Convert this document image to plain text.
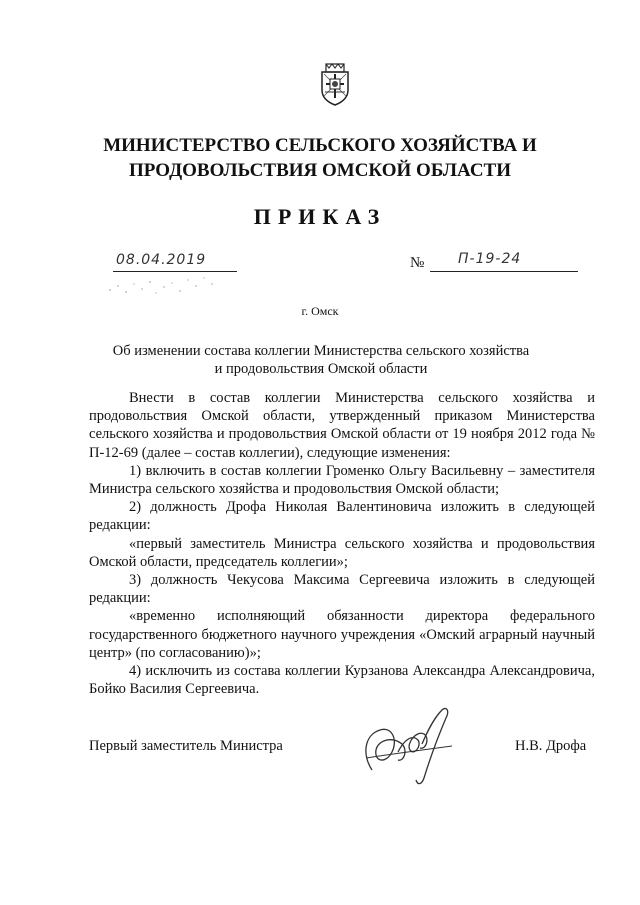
МИНИСТЕРСТВО СЕЛЬСКОГО ХОЗЯЙСТВА И
ПРОДОВОЛЬСТВИЯ ОМСКОЙ ОБЛАСТИ
ПРИКАЗ
08.04.2019	№ П-19-24
г. Омск
Об изменении состава коллегии Министерства сельского хозяйства
и продовольствия Омской области

Внести в состав коллегии Министерства сельского хозяйства и продовольствия Омской области, утвержденный приказом Министерства сельского хозяйства и продовольствия Омской области от 19 ноября 2012 года № П-12-69 (далее – состав коллегии), следующие изменения:

1) включить в состав коллегии Громенко Ольгу Васильевну – заместителя Министра сельского хозяйства и продовольствия Омской области;

2) должность Дрофа Николая Валентиновича изложить в следующей редакции:

«первый заместитель Министра сельского хозяйства и продовольствия Омской области, председатель коллегии»;

3) должность Чекусова Максима Сергеевича изложить в следующей редакции:

«временно исполняющий обязанности директора федерального государственного бюджетного научного учреждения «Омский аграрный научный центр» (по согласованию)»;

4) исключить из состава коллегии Курзанова Александра Александровича, Бойко Василия Сергеевича.

Первый заместитель Министра	Н.В. Дрофа
